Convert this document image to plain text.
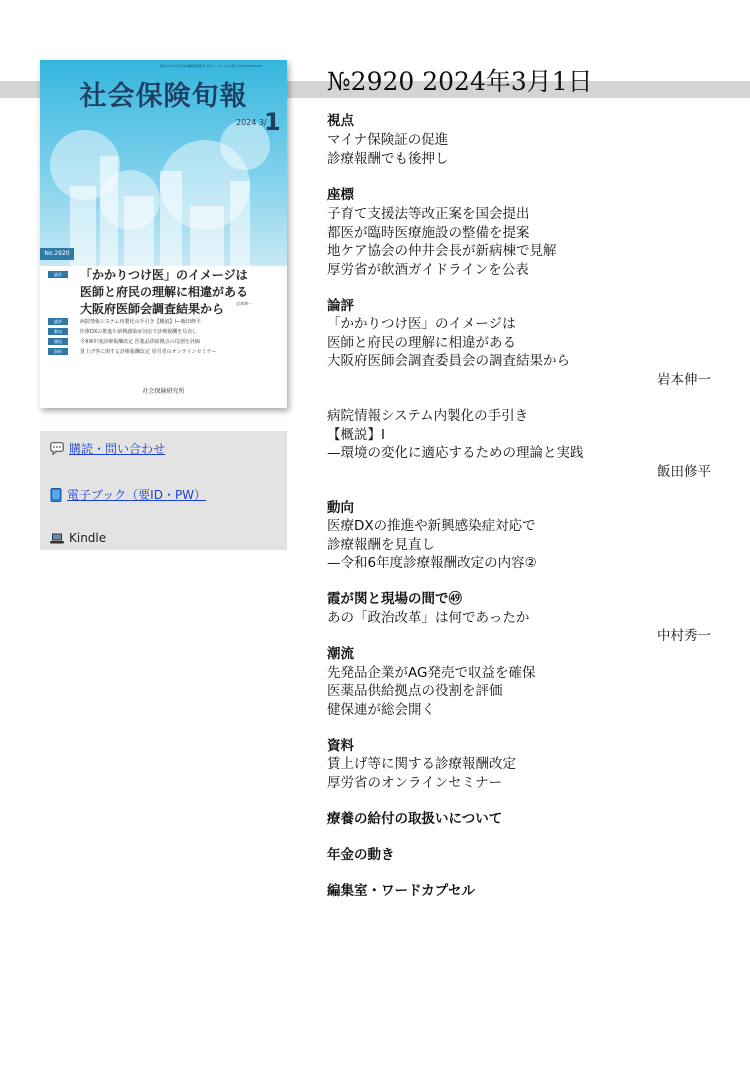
昭和33年7月5日第3種郵便物認可 毎月1・11・21日発行 ISSN 0385-0145
社会保険旬報
2024 3/
1
No.2920
論評	「かかりつけ医」のイメージは
医師と府民の理解に相違がある
大阪府医師会調査結果から	岩本伸一
論評	病院情報システム内製化の手引き【概説】Ⅰ—飯田修平
動向	医療DXの推進や新興感染症対応で診療報酬を見直し
潮流	令和6年度診療報酬改定 医薬品供給拠点の役割を評価
資料	賃上げ等に関する診療報酬改定 厚労省のオンラインセミナー
社会保険研究所
購読・問い合わせ
電子ブック（要ID・PW）
Kindle
№2920 2024年3月1日
視点
マイナ保険証の促進
診療報酬でも後押し
座標
子育て支援法等改正案を国会提出
都医が臨時医療施設の整備を提案
地ケア協会の仲井会長が新病棟で見解
厚労省が飲酒ガイドラインを公表
論評
「かかりつけ医」のイメージは
医師と府民の理解に相違がある
大阪府医師会調査委員会の調査結果から
岩本伸一
病院情報システム内製化の手引き
【概説】Ⅰ
—環境の変化に適応するための理論と実践
飯田修平
動向
医療DXの推進や新興感染症対応で
診療報酬を見直し
—令和6年度診療報酬改定の内容②
霞が関と現場の間で㊾
あの「政治改革」は何であったか
中村秀一
潮流
先発品企業がAG発売で収益を確保
医薬品供給拠点の役割を評価
健保連が総会開く
資料
賃上げ等に関する診療報酬改定
厚労省のオンラインセミナー
療養の給付の取扱いについて
年金の動き
編集室・ワードカプセル
